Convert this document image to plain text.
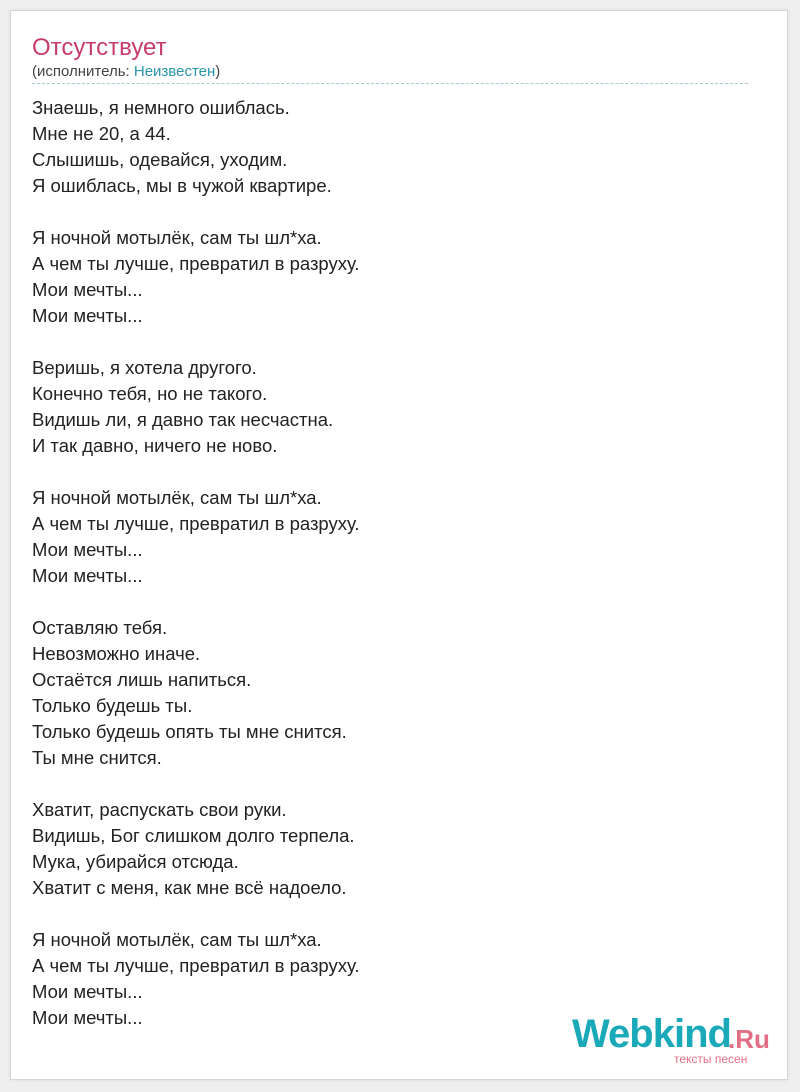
Отсутствует
(исполнитель: Неизвестен)
Знаешь, я немного ошиблась.
Мне не 20, а 44.
Слышишь, одевайся, уходим.
Я ошиблась, мы в чужой квартире.
Я ночной мотылёк, сам ты шл*ха.
А чем ты лучше, превратил в разруху.
Мои мечты...
Мои мечты...
Веришь, я хотела другого.
Конечно тебя, но не такого.
Видишь ли, я давно так несчастна.
И так давно, ничего не ново.
Я ночной мотылёк, сам ты шл*ха.
А чем ты лучше, превратил в разруху.
Мои мечты...
Мои мечты...
Оставляю тебя.
Невозможно иначе.
Остаётся лишь напиться.
Только будешь ты.
Только будешь опять ты мне снится.
Ты мне снится.
Хватит, распускать свои руки.
Видишь, Бог слишком долго терпела.
Мука, убирайся отсюда.
Хватит с меня, как мне всё надоело.
Я ночной мотылёк, сам ты шл*ха.
А чем ты лучше, превратил в разруху.
Мои мечты...
Мои мечты...	Webkind
.Ru
тексты песен
